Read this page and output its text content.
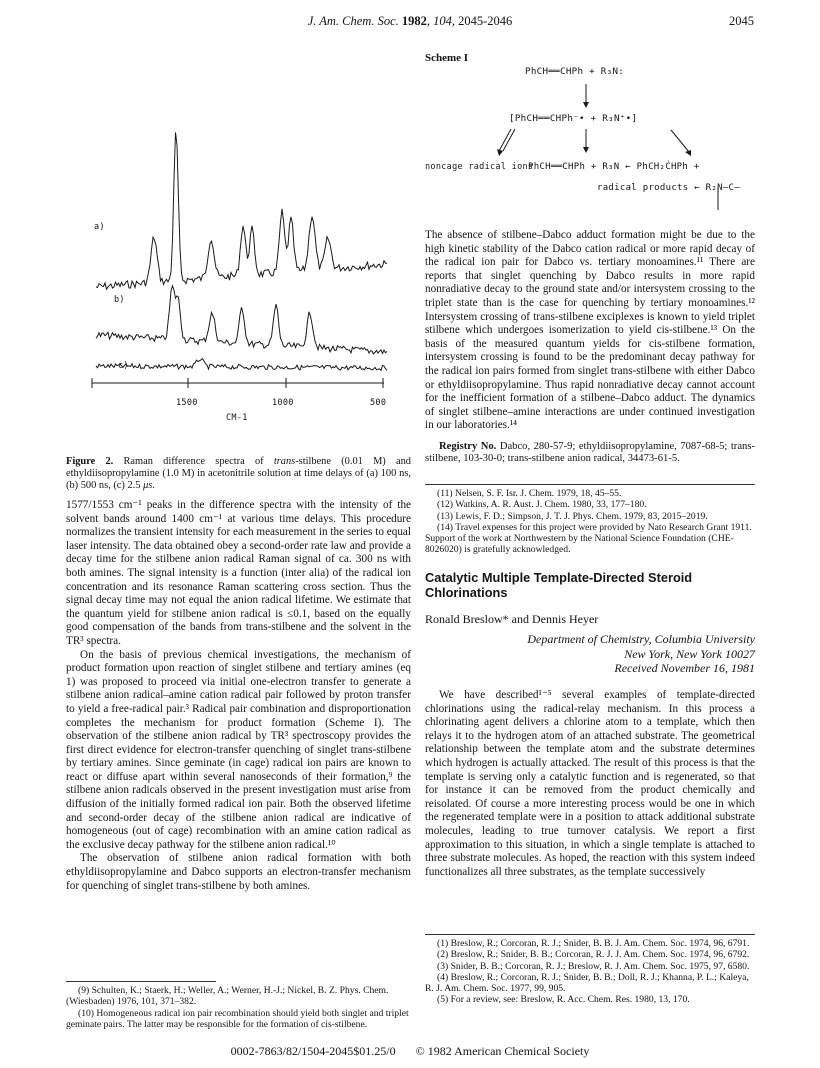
J. Am. Chem. Soc. 1982, 104, 2045-2046	2045
a)
b)
c)
1500	1000	500
CM-1
Figure 2. Raman difference spectra of trans-stilbene (0.01 M) and ethyldiisopropylamine (1.0 M) in acetonitrile solution at time delays of (a) 100 ns, (b) 500 ns, (c) 2.5 μs.

1577/1553 cm⁻¹ peaks in the difference spectra with the intensity of the solvent bands around 1400 cm⁻¹ at various time delays. This procedure normalizes the transient intensity for each measurement in the series to equal laser intensity. The data obtained obey a second-order rate law and provide a decay time for the stilbene anion radical Raman signal of ca. 300 ns with both amines. The signal intensity is a function (inter alia) of the radical ion concentration and its resonance Raman scattering cross section. Thus the signal decay time may not equal the anion radical lifetime. We estimate that the quantum yield for stilbene anion radical is ≤0.1, based on the equally good compensation of the bands from trans-stilbene and the solvent in the TR³ spectra.

On the basis of previous chemical investigations, the mechanism of product formation upon reaction of singlet stilbene and tertiary amines (eq 1) was proposed to proceed via initial one-electron transfer to generate a stilbene anion radical–amine cation radical pair followed by proton transfer to yield a free-radical pair.³ Radical pair combination and disproportionation completes the mechanism for product formation (Scheme I). The observation of the stilbene anion radical by TR³ spectroscopy provides the first direct evidence for electron-transfer quenching of singlet trans-stilbene by tertiary amines. Since geminate (in cage) radical ion pairs are known to react or diffuse apart within several nanoseconds of their formation,⁹ the stilbene anion radicals observed in the present investigation must arise from diffusion of the initially formed radical ion pair. Both the observed lifetime and second-order decay of the stilbene anion radical are indicative of homogeneous (out of cage) recombination with an amine cation radical as the exclusive decay pathway for the stilbene anion radical.¹⁰

The observation of stilbene anion radical formation with both ethyldiisopropylamine and Dabco supports an electron-transfer mechanism for quenching of singlet trans-stilbene by both amines.

(9) Schulten, K.; Staerk, H.; Weller, A.; Werner, H.-J.; Nickel, B. Z. Phys. Chem. (Wiesbaden) 1976, 101, 371–382.
(10) Homogeneous radical ion pair recombination should yield both singlet and triplet geminate pairs. The latter may be responsible for the formation of cis-stilbene.
Scheme I
PhCH══CHPh + R₃N:
[PhCH══CHPh⁻• + R₃N⁺•]
noncage radical ions
PhCH══CHPh + R₃N ← PhCH₂ĊHPh +
radical products ← R₂N—C—

The absence of stilbene–Dabco adduct formation might be due to the high kinetic stability of the Dabco cation radical or more rapid decay of the radical ion pair for Dabco vs. tertiary monoamines.¹¹ There are reports that singlet quenching by Dabco results in more rapid nonradiative decay to the ground state and/or intersystem crossing to the triplet state than is the case for quenching by tertiary monoamines.¹² Intersystem crossing of trans-stilbene exciplexes is known to yield triplet stilbene which undergoes isomerization to yield cis-stilbene.¹³ On the basis of the measured quantum yields for cis-stilbene formation, intersystem crossing is found to be the predominant decay pathway for the radical ion pairs formed from singlet trans-stilbene with either Dabco or ethyldiisopropylamine. Thus rapid nonradiative decay cannot account for the inefficient formation of a stilbene–Dabco adduct. The dynamics of singlet stilbene–amine interactions are under continued investigation in our laboratories.¹⁴

Registry No. Dabco, 280-57-9; ethyldiisopropylamine, 7087-68-5; trans-stilbene, 103-30-0; trans-stilbene anion radical, 34473-61-5.

(11) Nelsen, S. F. Isr. J. Chem. 1979, 18, 45–55.
(12) Watkins, A. R. Aust. J. Chem. 1980, 33, 177–180.
(13) Lewis, F. D.; Simpson, J. T. J. Phys. Chem. 1979, 83, 2015–2019.
(14) Travel expenses for this project were provided by Nato Research Grant 1911. Support of the work at Northwestern by the National Science Foundation (CHE-8026020) is gratefully acknowledged.
Catalytic Multiple Template-Directed Steroid Chlorinations
Ronald Breslow* and Dennis Heyer
Department of Chemistry, Columbia University
New York, New York 10027
Received November 16, 1981

We have described¹⁻⁵ several examples of template-directed chlorinations using the radical-relay mechanism. In this process a chlorinating agent delivers a chlorine atom to a template, which then relays it to the hydrogen atom of an attached substrate. The geometrical relationship between the template atom and the substrate determines which hydrogen is actually attacked. The result of this process is that the template is serving only a catalytic function and is regenerated, so that for instance it can be removed from the product chemically and reisolated. Of course a more interesting process would be one in which the regenerated template were in a position to attack additional substrate molecules, leading to true turnover catalysis. We report a first approximation to this situation, in which a single template is attached to three substrate molecules. As hoped, the reaction with this system indeed functionalizes all three substrates, as the template successively

(1) Breslow, R.; Corcoran, R. J.; Snider, B. B. J. Am. Chem. Soc. 1974, 96, 6791.
(2) Breslow, R.; Snider, B. B.; Corcoran, R. J. J. Am. Chem. Soc. 1974, 96, 6792.
(3) Snider, B. B.; Corcoran, R. J.; Breslow, R. J. Am. Chem. Soc. 1975, 97, 6580.
(4) Breslow, R.; Corcoran, R. J.; Snider, B. B.; Doll, R. J.; Khanna, P. L.; Kaleya, R. J. Am. Chem. Soc. 1977, 99, 905.
(5) For a review, see: Breslow, R. Acc. Chem. Res. 1980, 13, 170.
0002-7863/82/1504-2045$01.25/0 © 1982 American Chemical Society
